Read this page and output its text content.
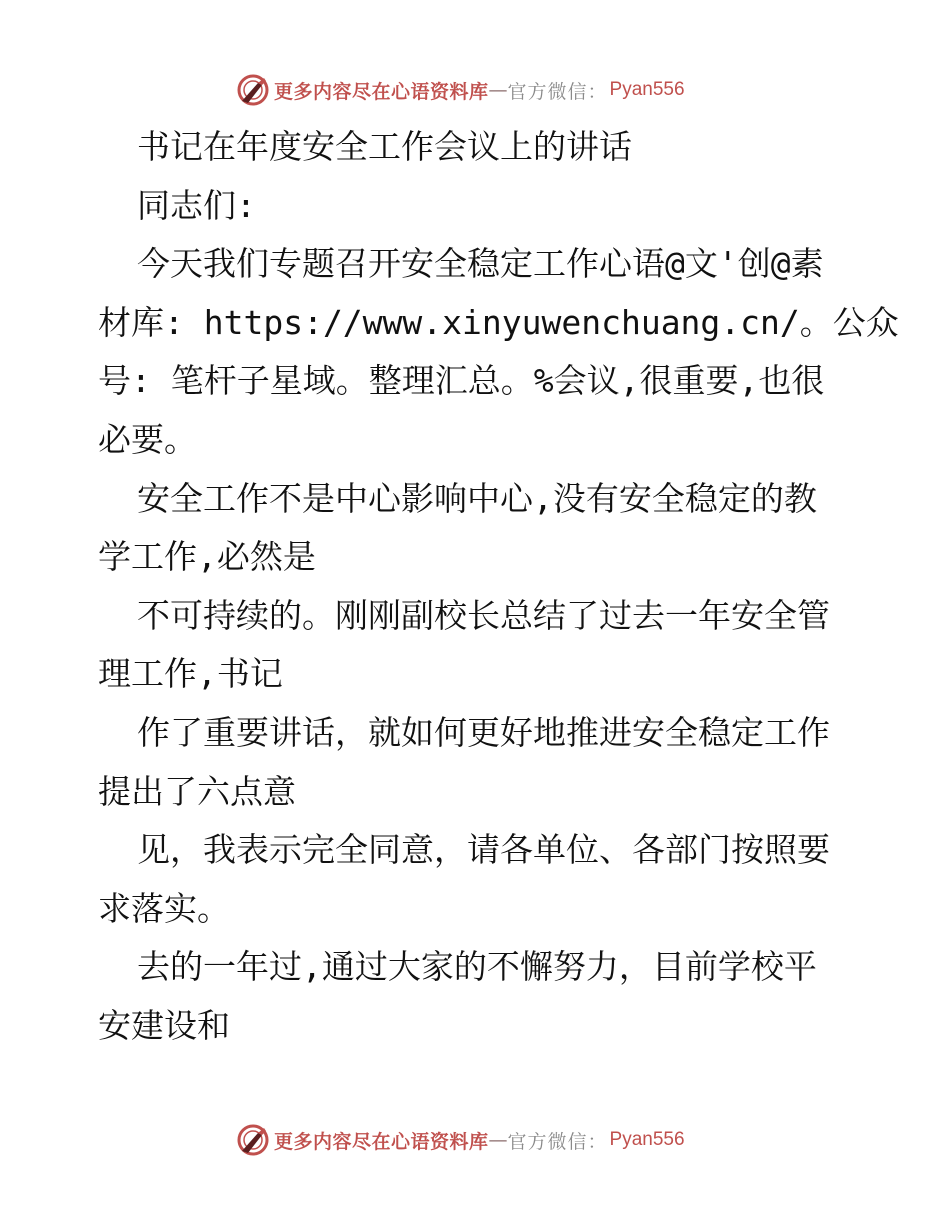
更多内容尽在心语资料库 — 官方微信： Pyan556
书记在年度安全工作会议上的讲话
同志们:
今天我们专题召开安全稳定工作心语@文'创@素
材库: https://www.xinyuwenchuang.cn/。公众
号: 笔杆子星域。整理汇总。%会议,很重要,也很
必要。
安全工作不是中心影响中心,没有安全稳定的教
学工作,必然是
不可持续的。刚刚副校长总结了过去一年安全管
理工作,书记
作了重要讲话，就如何更好地推进安全稳定工作
提出了六点意
见，我表示完全同意，请各单位、各部门按照要
求落实。
去的一年过,通过大家的不懈努力，目前学校平
安建设和
更多内容尽在心语资料库 — 官方微信： Pyan556
